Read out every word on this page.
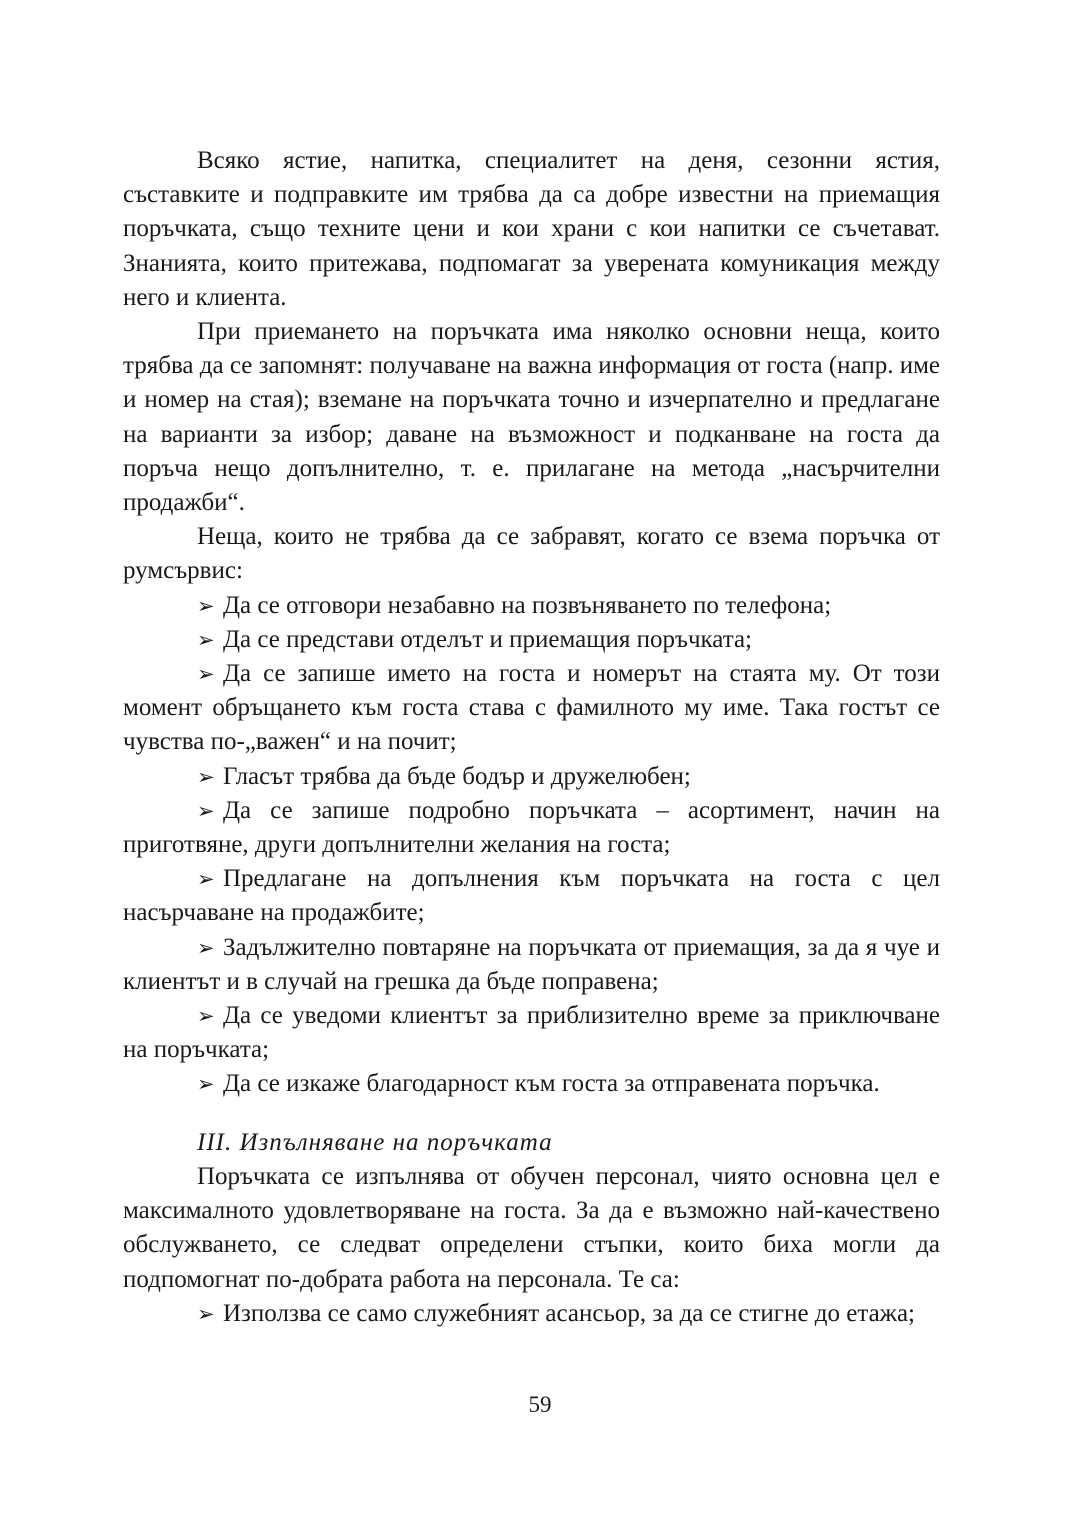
Всяко ястие, напитка, специалитет на деня, сезонни ястия, съставките и подправките им трябва да са добре известни на приемащия поръчката, също техните цени и кои храни с кои напитки се съчетават. Знанията, които притежава, подпомагат за уверената комуникация между него и клиента.

При приемането на поръчката има няколко основни неща, които трябва да се запомнят: получаване на важна информация от госта (напр. име и номер на стая); вземане на поръчката точно и изчерпателно и предлагане на варианти за избор; даване на възможност и подканване на госта да поръча нещо допълнително, т. е. прилагане на метода „насърчителни продажби“.

Неща, които не трябва да се забравят, когато се взема поръчка от румсървис:

➢ Да се отговори незабавно на позвъняването по телефона;

➢ Да се представи отделът и приемащия поръчката;

➢ Да се запише името на госта и номерът на стаята му. От този момент обръщането към госта става с фамилното му име. Така гостът се чувства по-„важен“ и на почит;

➢ Гласът трябва да бъде бодър и дружелюбен;

➢ Да се запише подробно поръчката – асортимент, начин на приготвяне, други допълнителни желания на госта;

➢ Предлагане на допълнения към поръчката на госта с цел насърчаване на продажбите;

➢ Задължително повтаряне на поръчката от приемащия, за да я чуе и клиентът и в случай на грешка да бъде поправена;

➢ Да се уведоми клиентът за приблизително време за приключване на поръчката;

➢ Да се изкаже благодарност към госта за отправената поръчка.

III. Изпълняване на поръчката

Поръчката се изпълнява от обучен персонал, чиято основна цел е максималното удовлетворяване на госта. За да е възможно най-качествено обслужването, се следват определени стъпки, които биха могли да подпомогнат по-добрата работа на персонала. Те са:

➢ Използва се само служебният асансьор, за да се стигне до етажа;

59
